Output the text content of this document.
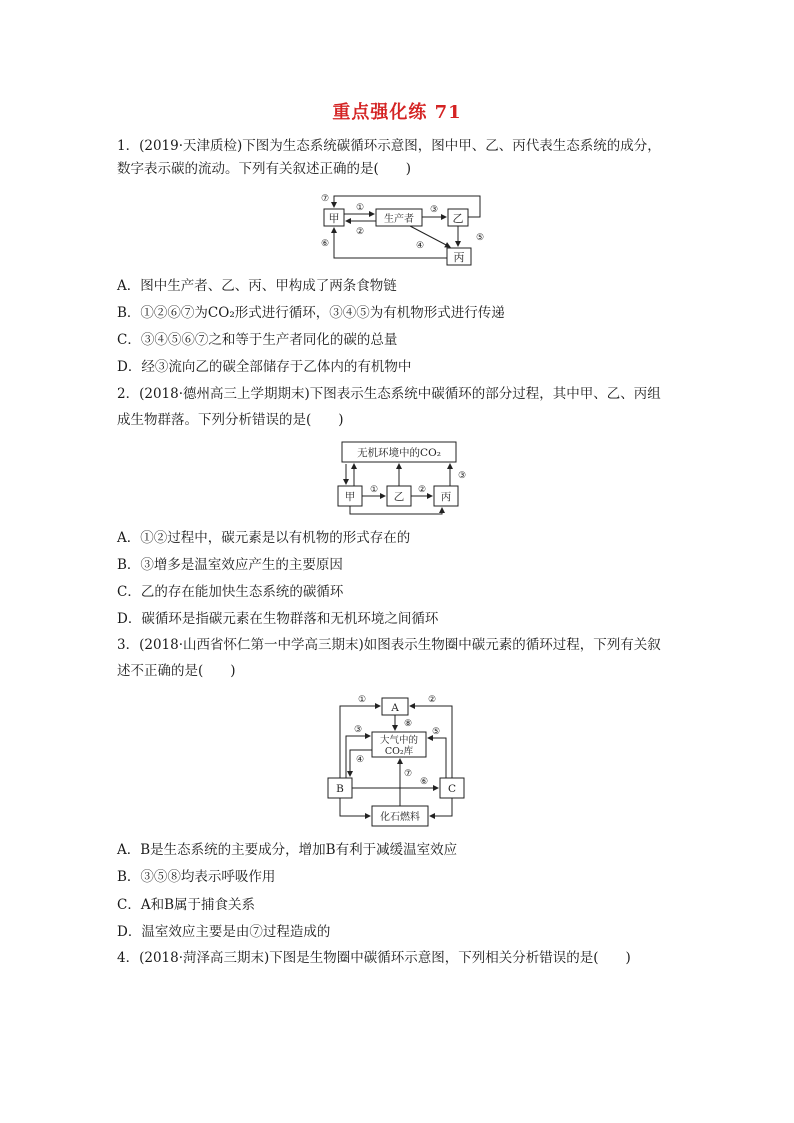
重点强化练 71
1．(2019·天津质检)下图为生态系统碳循环示意图，图中甲、乙、丙代表生态系统的成分，
数字表示碳的流动。下列有关叙述正确的是(　　)
甲	生产者	乙
丙
①
②
③
④
⑤
⑥
⑦
A．图中生产者、乙、丙、甲构成了两条食物链
B．①②⑥⑦为CO₂形式进行循环，③④⑤为有机物形式进行传递
C．③④⑤⑥⑦之和等于生产者同化的碳的总量
D．经③流向乙的碳全部储存于乙体内的有机物中
2．(2018·德州高三上学期期末)下图表示生态系统中碳循环的部分过程，其中甲、乙、丙组
成生物群落。下列分析错误的是(　　)
无机环境中的CO₂
甲	乙	丙
①	②
③
A．①②过程中，碳元素是以有机物的形式存在的
B．③增多是温室效应产生的主要原因
C．乙的存在能加快生态系统的碳循环
D．碳循环是指碳元素在生物群落和无机环境之间循环
3．(2018·山西省怀仁第一中学高三期末)如图表示生物圈中碳元素的循环过程，下列有关叙
述不正确的是(　　)
A
大气中的
CO₂库
B	C
化石燃料
①	②
③
④
⑤
⑥
⑦
⑧
A．B是生态系统的主要成分，增加B有利于减缓温室效应
B．③⑤⑧均表示呼吸作用
C．A和B属于捕食关系
D．温室效应主要是由⑦过程造成的
4．(2018·菏泽高三期末)下图是生物圈中碳循环示意图，下列相关分析错误的是(　　)
